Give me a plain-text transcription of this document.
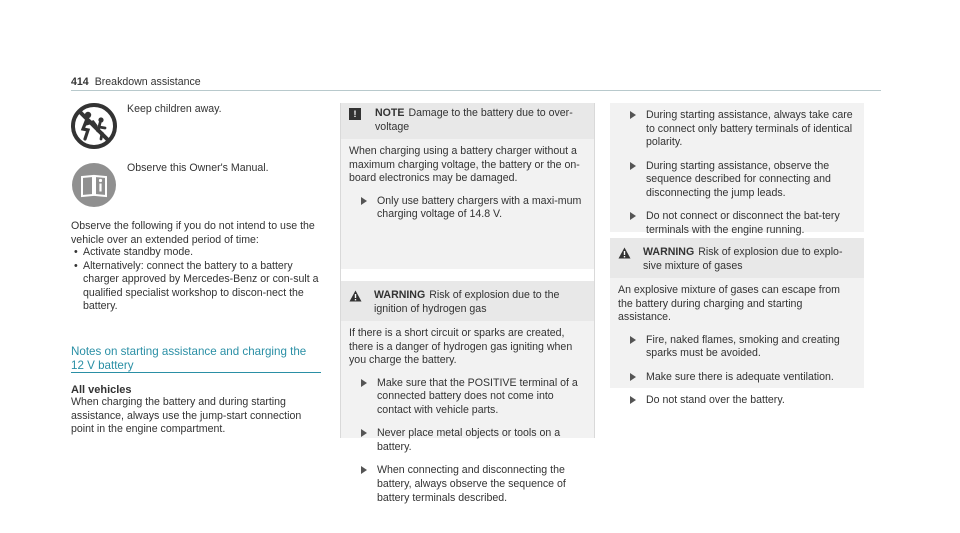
414 Breakdown assistance
Keep children away.
Observe this Owner's Manual.
Observe the following if you do not intend to use the vehicle over an extended period of time:
• Activate standby mode.
• Alternatively: connect the battery to a battery charger approved by Mercedes-Benz or con-sult a qualified specialist workshop to discon-nect the battery.
Notes on starting assistance and charging the 12 V battery
All vehicles
When charging the battery and during starting assistance, always use the jump-start connection point in the engine compartment.
!	NOTE Damage to the battery due to over-voltage

When charging using a battery charger without a maximum charging voltage, the battery or the on-board electronics may be damaged.

Only use battery chargers with a maxi-mum charging voltage of 14.8 V.
WARNING Risk of explosion due to the ignition of hydrogen gas

If there is a short circuit or sparks are created, there is a danger of hydrogen gas igniting when you charge the battery.

Make sure that the POSITIVE terminal of a connected battery does not come into contact with vehicle parts.
Never place metal objects or tools on a battery.
When connecting and disconnecting the battery, always observe the sequence of battery terminals described.
During starting assistance, always take care to connect only battery terminals of identical polarity.
During starting assistance, observe the sequence described for connecting and disconnecting the jump leads.
Do not connect or disconnect the bat-tery terminals with the engine running.
WARNING Risk of explosion due to explo-sive mixture of gases

An explosive mixture of gases can escape from the battery during charging and starting assistance.

Fire, naked flames, smoking and creating sparks must be avoided.
Make sure there is adequate ventilation.
Do not stand over the battery.
